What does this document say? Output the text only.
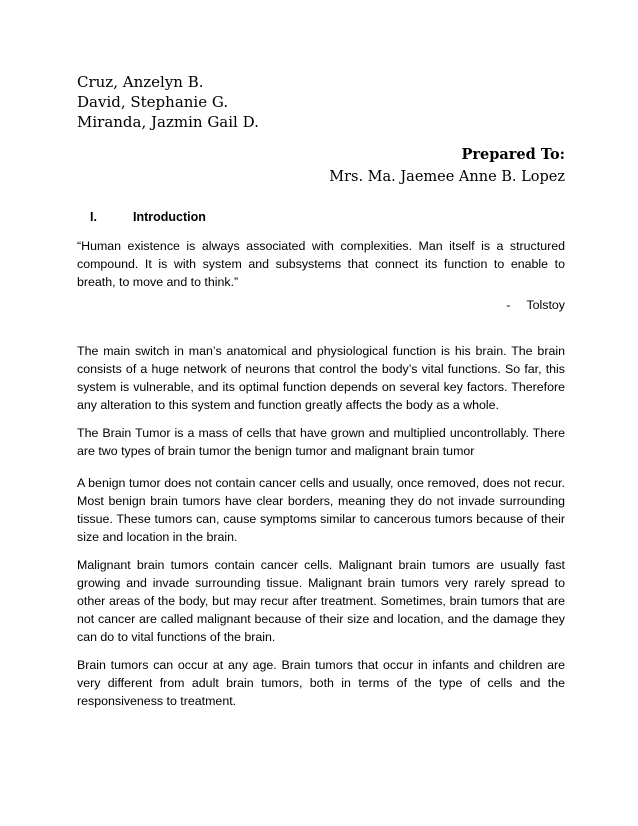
Cruz, Anzelyn B.
David, Stephanie G.
Miranda, Jazmin Gail D.
Prepared To:
Mrs. Ma. Jaemee Anne B. Lopez
I.	Introduction
“Human existence is always associated with complexities. Man itself is a structured compound. It is with system and subsystems that connect its function to enable to breath, to move and to think.”
- Tolstoy
The main switch in man’s anatomical and physiological function is his brain. The brain consists of a huge network of neurons that control the body’s vital functions. So far, this system is vulnerable, and its optimal function depends on several key factors. Therefore any alteration to this system and function greatly affects the body as a whole.
The Brain Tumor is a mass of cells that have grown and multiplied uncontrollably. There are two types of brain tumor the benign tumor and malignant brain tumor
A benign tumor does not contain cancer cells and usually, once removed, does not recur. Most benign brain tumors have clear borders, meaning they do not invade surrounding tissue. These tumors can, cause symptoms similar to cancerous tumors because of their size and location in the brain.
Malignant brain tumors contain cancer cells. Malignant brain tumors are usually fast growing and invade surrounding tissue. Malignant brain tumors very rarely spread to other areas of the body, but may recur after treatment. Sometimes, brain tumors that are not cancer are called malignant because of their size and location, and the damage they can do to vital functions of the brain.
Brain tumors can occur at any age. Brain tumors that occur in infants and children are very different from adult brain tumors, both in terms of the type of cells and the responsiveness to treatment.
